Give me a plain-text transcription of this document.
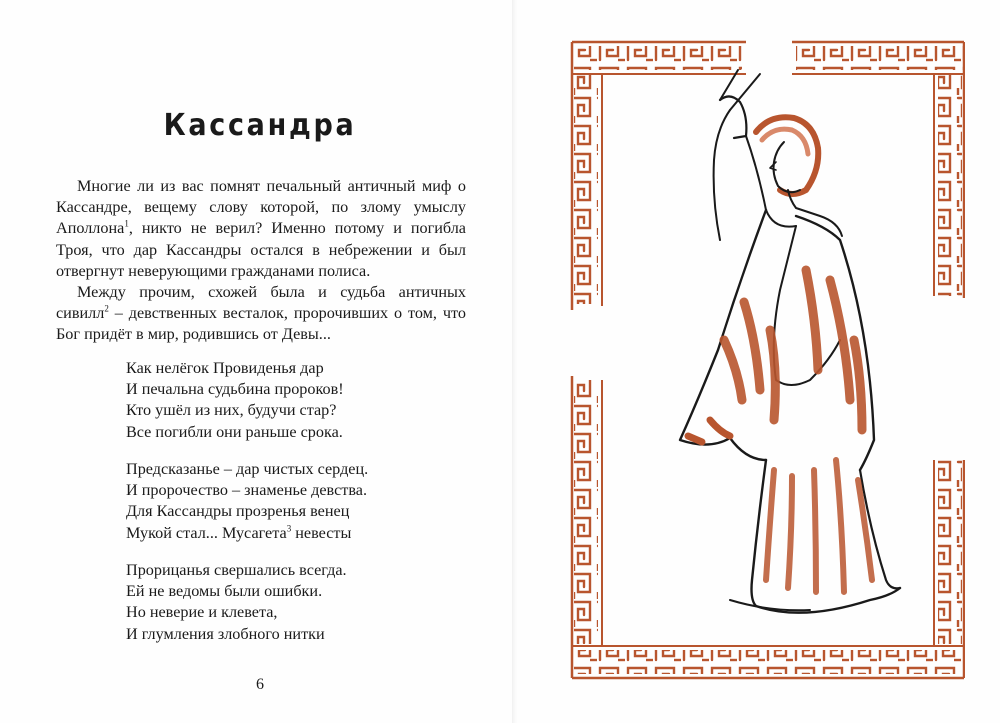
Кассандра

Многие ли из вас помнят печальный античный миф о Кассандре, вещему слову которой, по злому умыслу Аполлона$^1$, никто не верил? Именно потому и погибла Троя, что дар Кассандры остался в небрежении и был отвергнут неверующими гражданами полиса.

Между прочим, схожей была и судьба античных сивилл$^2$ – девственных весталок, пророчивших о том, что Бог придёт в мир, родившись от Девы...

Как нелёгок Провиденья дар
И печальна судьбина пророков!
Кто ушёл из них, будучи стар?
Все погибли они раньше срока.
Предсказанье – дар чистых сердец.
И пророчество – знаменье девства.
Для Кассандры прозренья венец
Мукой стал... Мусагета$^3$ невесты
Прорицанья свершались всегда.
Ей не ведомы были ошибки.
Но неверие и клевета,
И глумления злобного нитки
6
